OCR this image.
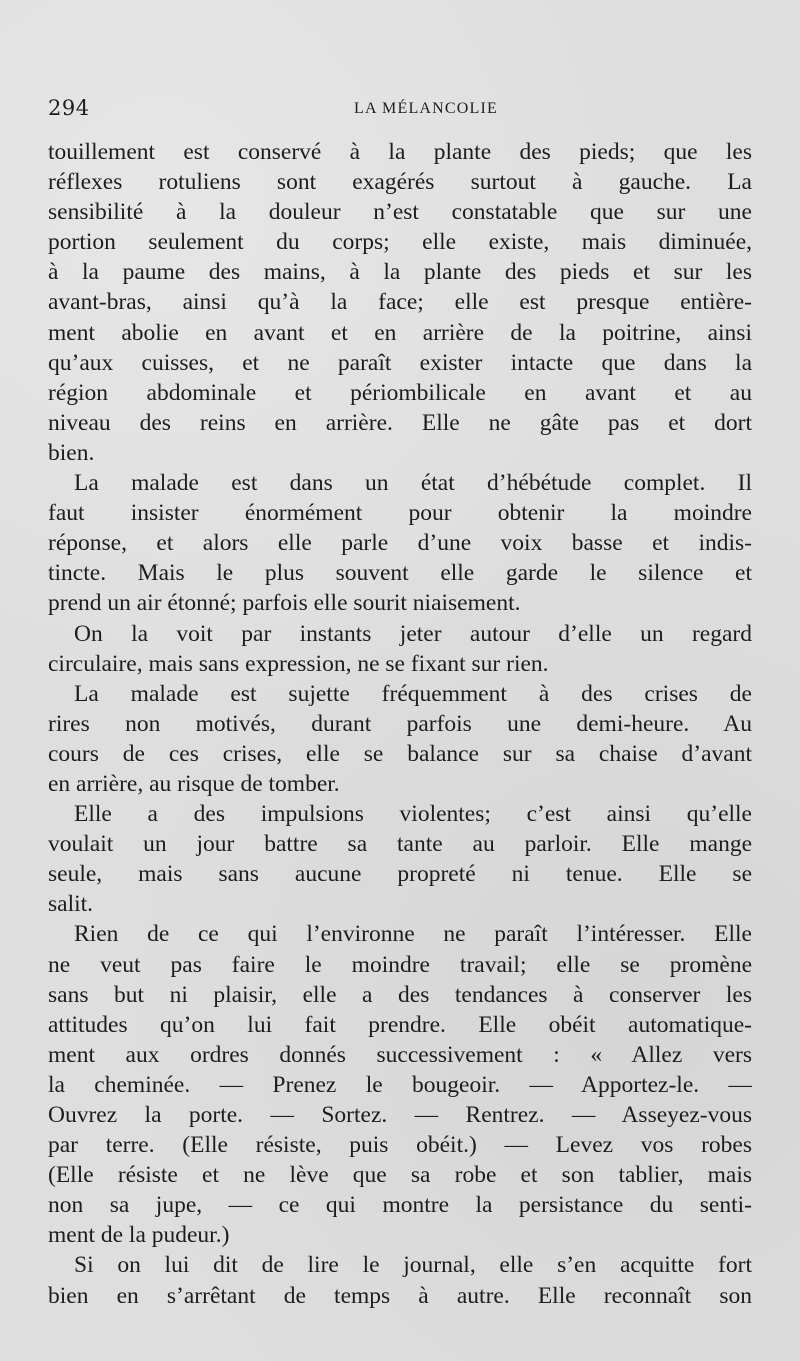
294	LA MÉLANCOLIE
touillement est conservé à la plante des pieds; que les
réflexes rotuliens sont exagérés surtout à gauche. La
sensibilité à la douleur n’est constatable que sur une
portion seulement du corps; elle existe, mais diminuée,
à la paume des mains, à la plante des pieds et sur les
avant-bras, ainsi qu’à la face; elle est presque entière-
ment abolie en avant et en arrière de la poitrine, ainsi
qu’aux cuisses, et ne paraît exister intacte que dans la
région abdominale et périombilicale en avant et au
niveau des reins en arrière. Elle ne gâte pas et dort
bien.
La malade est dans un état d’hébétude complet. Il
faut insister énormément pour obtenir la moindre
réponse, et alors elle parle d’une voix basse et indis-
tincte. Mais le plus souvent elle garde le silence et
prend un air étonné; parfois elle sourit niaisement.
On la voit par instants jeter autour d’elle un regard
circulaire, mais sans expression, ne se fixant sur rien.
La malade est sujette fréquemment à des crises de
rires non motivés, durant parfois une demi-heure. Au
cours de ces crises, elle se balance sur sa chaise d’avant
en arrière, au risque de tomber.
Elle a des impulsions violentes; c’est ainsi qu’elle
voulait un jour battre sa tante au parloir. Elle mange
seule, mais sans aucune propreté ni tenue. Elle se
salit.
Rien de ce qui l’environne ne paraît l’intéresser. Elle
ne veut pas faire le moindre travail; elle se promène
sans but ni plaisir, elle a des tendances à conserver les
attitudes qu’on lui fait prendre. Elle obéit automatique-
ment aux ordres donnés successivement : « Allez vers
la cheminée. — Prenez le bougeoir. — Apportez-le. —
Ouvrez la porte. — Sortez. — Rentrez. — Asseyez-vous
par terre. (Elle résiste, puis obéit.) — Levez vos robes
(Elle résiste et ne lève que sa robe et son tablier, mais
non sa jupe, — ce qui montre la persistance du senti-
ment de la pudeur.)
Si on lui dit de lire le journal, elle s’en acquitte fort
bien en s’arrêtant de temps à autre. Elle reconnaît son
